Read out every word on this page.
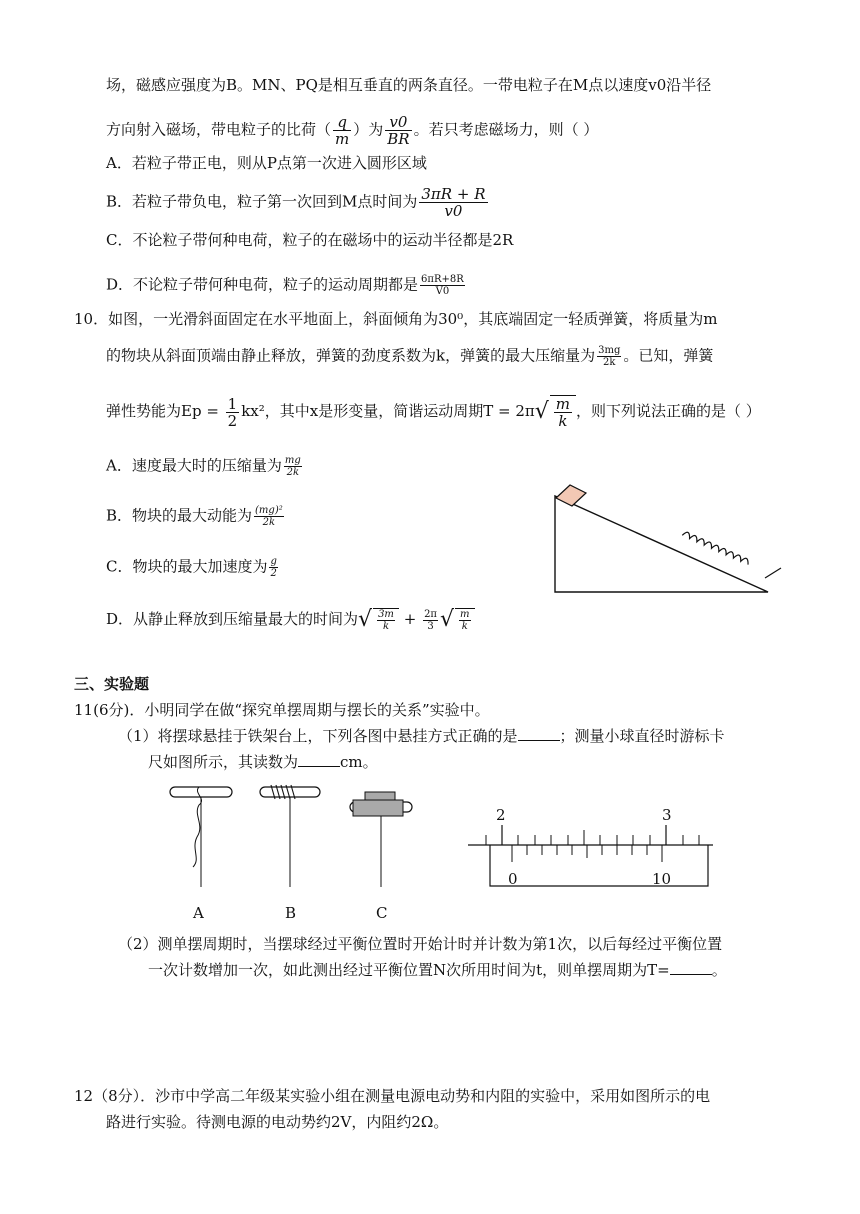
场，磁感应强度为B。MN、PQ是相互垂直的两条直径。一带电粒子在M点以速度v0沿半径
方向射入磁场，带电粒子的比荷（ $\frac{q}{m}$ ）为 $\frac{v0}{BR}$ 。若只考虑磁场力，则（ ）
A．若粒子带正电，则从P点第一次进入圆形区域
B．若粒子带负电，粒子第一次回到M点时间为 $\frac{3\pi R + R}{v0}$
C．不论粒子带何种电荷，粒子的在磁场中的运动半径都是2R
D．不论粒子带何种电荷，粒子的运动周期都是 $\frac{6\pi R+8R}{V0}$
10．如图，一光滑斜面固定在水平地面上，斜面倾角为30⁰，其底端固定一轻质弹簧，将质量为m
的物块从斜面顶端由静止释放，弹簧的劲度系数为k，弹簧的最大压缩量为 $\frac{3mg}{2k}$ 。已知，弹簧
弹性势能为$Ep = \frac{1}{2} kx^2$，其中x是形变量，简谐运动周期$T = 2\pi√ \frac{m}{k}$ ，则下列说法正确的是（ ）
A．速度最大时的压缩量为 $\frac{mg}{2k}$
B．物块的最大动能为 $\frac{\text{(mg)²}}{2k}$
C．物块的最大加速度为 $\frac{g}{2}$
D．从静止释放到压缩量最大的时间为√ $\frac{3m}{k} + \frac{2\pi}{3}$ √ $\frac{m}{k}$
三、实验题
11(6分)．小明同学在做“探究单摆周期与摆长的关系”实验中。
（1）将摆球悬挂于铁架台上，下列各图中悬挂方式正确的是	；测量小球直径时游标卡
尺如图所示，其读数为	cm。
A	B	C
2	3
0	10
（2）测单摆周期时，当摆球经过平衡位置时开始计时并计数为第1次，以后每经过平衡位置
一次计数增加一次，如此测出经过平衡位置N次所用时间为t，则单摆周期为T=	。
12（8分）．沙市中学高二年级某实验小组在测量电源电动势和内阻的实验中，采用如图所示的电
路进行实验。待测电源的电动势约2V，内阻约2Ω。
